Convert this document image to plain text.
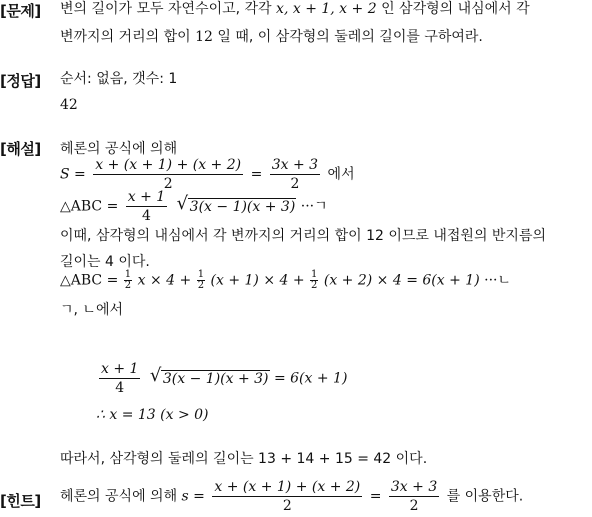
[문제] 변의 길이가 모두 자연수이고, 각각 x, x + 1, x + 2 인 삼각형의 내심에서 각
변까지의 거리의 합이 12 일 때, 이 삼각형의 둘레의 길이를 구하여라.
[정답] 순서: 없음, 갯수: 1
42
[해설] 헤론의 공식에 의해
$S = \frac{x + (x + 1) + (x + 2)}{2} = \frac{3x + 3}{2}$ 에서
△ABC = $\frac{x + 1}{4}$
√ 3(x − 1)(x + 3) ···ㄱ
이때, 삼각형의 내심에서 각 변까지의 거리의 합이 12 이므로 내접원의 반지름의
길이는 4 이다.
△ABC = $\frac{1}{2}$ $x \times 4 + \frac{1}{2} (x + 1) \times 4 + \frac{1}{2} (x + 2) \times 4 = 6(x + 1)$ ···ㄴ
ㄱ, ㄴ에서
$\frac{x + 1}{4}$
√ 3(x − 1)(x + 3) = 6(x + 1)
∴ x = 13 (x > 0)
따라서, 삼각형의 둘레의 길이는 13 + 14 + 15 = 42 이다.
[힌트] 헤론의 공식에 의해 $s = \frac{x + (x + 1) + (x + 2)}{2} = \frac{3x + 3}{2}$ 를 이용한다.
